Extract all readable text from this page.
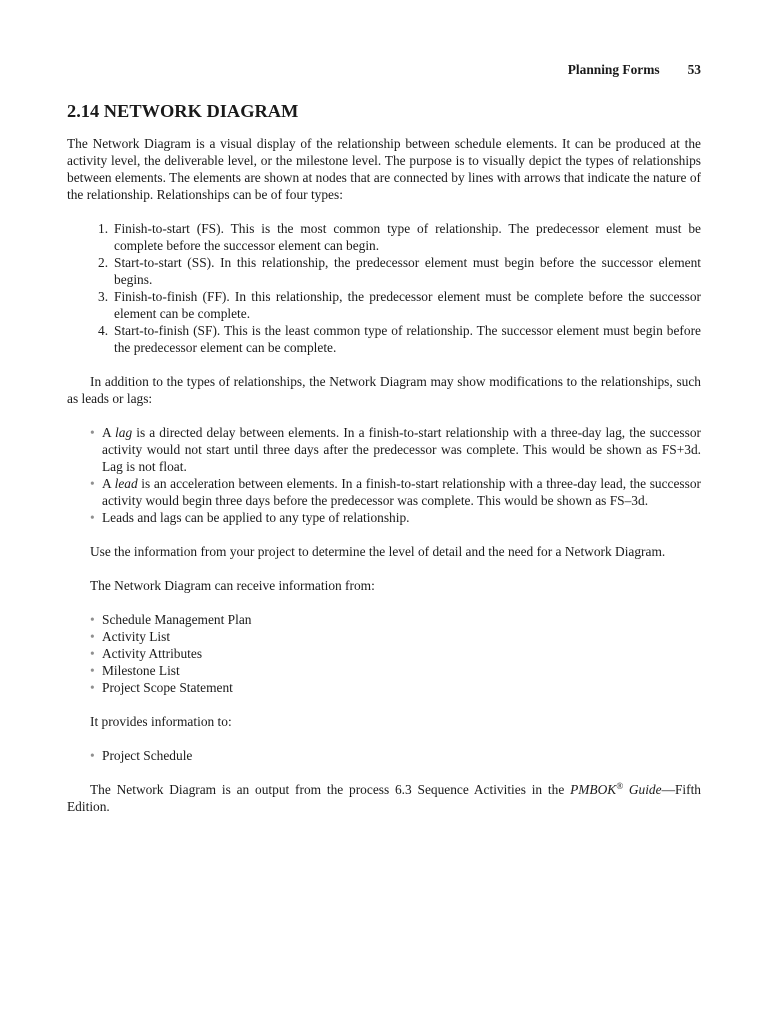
Planning Forms 53
2.14 NETWORK DIAGRAM

The Network Diagram is a visual display of the relationship between schedule elements. It can be produced at the activity level, the deliverable level, or the milestone level. The purpose is to visually depict the types of relationships between elements. The elements are shown at nodes that are connected by lines with arrows that indicate the nature of the relationship. Relationships can be of four types:

1. Finish-to-start (FS). This is the most common type of relationship. The predecessor element must be complete before the successor element can begin.
2. Start-to-start (SS). In this relationship, the predecessor element must begin before the successor element begins.
3. Finish-to-finish (FF). In this relationship, the predecessor element must be complete before the successor element can be complete.
4. Start-to-finish (SF). This is the least common type of relationship. The successor element must begin before the predecessor element can be complete.

In addition to the types of relationships, the Network Diagram may show modifications to the relationships, such as leads or lags:

• A lag is a directed delay between elements. In a finish-to-start relationship with a three-day lag, the successor activity would not start until three days after the predecessor was complete. This would be shown as FS+3d. Lag is not float.
• A lead is an acceleration between elements. In a finish-to-start relationship with a three-day lead, the successor activity would begin three days before the predecessor was complete. This would be shown as FS–3d.
• Leads and lags can be applied to any type of relationship.

Use the information from your project to determine the level of detail and the need for a Network Diagram.

The Network Diagram can receive information from:

• Schedule Management Plan
• Activity List
• Activity Attributes
• Milestone List
• Project Scope Statement

It provides information to:

• Project Schedule

The Network Diagram is an output from the process 6.3 Sequence Activities in the PMBOK® Guide—Fifth Edition.
